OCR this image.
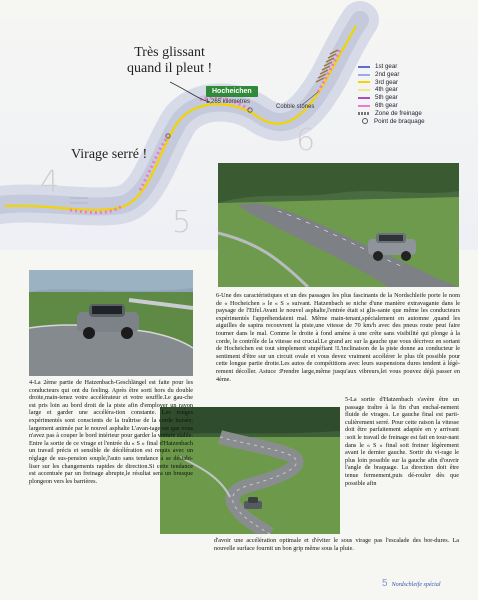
Très glissant
quand il pleut !
Virage serré !
Hocheichen
1,265 kilometres
Cobble stones
4
5
6
1st gear
2nd gear
3rd gear
4th gear
5th gear
6th gear
Zone de freinage
Point de braquage
6-Une des caractéristiques et un des passages les plus fascinants de la Nordschleife porte le nom de « Hocheichen » le « S » suivant. Hatzenbach se niche d'une manière extravagante dans le paysage de l'Eifel.Avant le nouvel asphalte,l'entrée était si glis-sante que même les conducteurs expérimentés l'appréhendaient mal. Même main-tenant,spécialement en automne ,quand les aiguilles de sapins recouvrent la piste,une vitesse de 70 km/h avec des pneus route peut faire tourner dans le mal. Comme le droite à fond amène à une crête sans visibilité qui plonge à la corde, le contrôle de la vitesse est crucial.Le grand arc sur la gauche que vous décrivez en sortant de Hocheichen est tout simplement stupéfiant !L'inclinaison de la piste donne au conducteur le sentiment d'être sur un circuit ovale et vous devez vraiment accélérer le plus tôt possible pour cette longue partie droite.Les autos de compétitions avec leurs suspensions dures tendent à légè-rement décoller. Astuce :Prendre large,même jusqu'aux vibreurs,lei vous pouvez déjà passer en 4ème.
4-La 2ème partie de Hatzenbach-Geschlängel est faite pour les conducteurs qui ont du feeling. Après être sorti hors du double droite,main-tenez votre accélérateur et votre souffle.Le gau-che est pris loin au bord droit de la piste afin d'employer un rayon large et garder une accéléra-tion constante. Les rouges expérimentés sont conscients de la traîtrise de la corde boisée; largement animée par le nouvel asphalte L'avan-tage est que vous n'avez pas à couper le bord intérieur pour garder la voiture stable. Entre la sortie de ce virage et l'entrée du « S » final d'Hatzenbach un travail précis et sensible de décélération est requis avec un réglage de sus-pension souple,l'auto sans tendance à se déstabi-liser sur les changements rapides de direction.Si cette tendance est accentuée par un freinage abrupte,le résultat sera un brusque plongeon vers les barrières.
5-La sortie d'Hatzenbach s'avère être un passage traître à la fin d'un enchaî-nement fluide de virages. Le gauche final est parti-culièrement serré. Pour cette raison la vitesse doit être parfaitement adaptée en y arrivant :soit le travail de freinage est fait en tour-nant dans le « S » final soit freiner légèrement avant le dernier gauche. Sortir du vi-rage le plus loin possible sur la gauche afin d'ouvrir l'angle de braquage. La direction doit être tenue fermement,puis dé-rouler dès que possible afin
d'avoir une accélération optimale et d'éviter le sous virage pas l'escalade des bor-dures. La nouvelle surface fournit un bon grip même sous la pluie.
5 Nordschleife spécial
